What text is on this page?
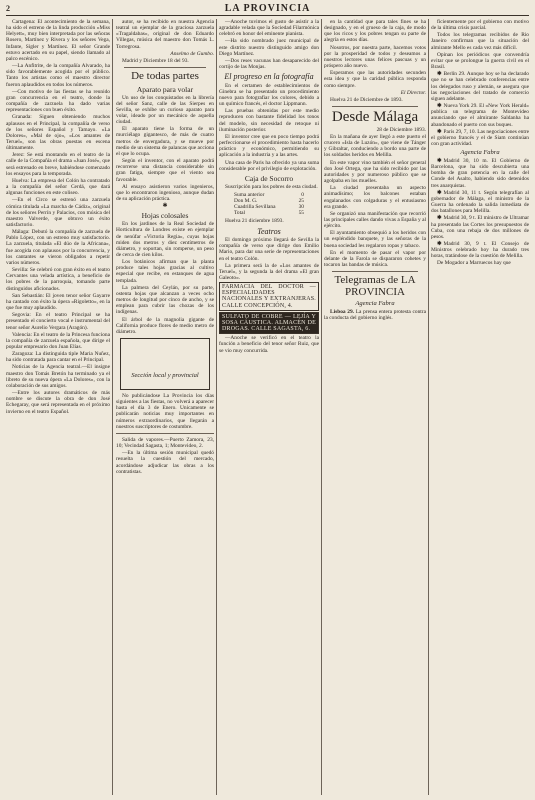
2	LA PROVINCIA

Cartagena: El acontecimiento de la semana, ha sido el estreno de la linda producción «Miss Helyett», muy bien interpretada por las señoras Rosero, Martínez y Rivera y los señores Vega, Infante, Sigler y Martínez. El señor Grande estuvo acertado en su papel, siendo llamado al palco escénico.

—La Anfitrite, de la compañía Alvarado, ha sido favorablemente acogida por el público. Tanto los artistas como el maestro director fueron aplaudidos en todos los números.

—Con motivo de las fiestas se ha reunido gran concurrencia en el teatro, donde la compañía de zarzuela ha dado varias representaciones con buen éxito.

Granada: Siguen obteniendo muchos aplausos en el Principal, la compañía de verso de los señores Español y Tamayo. «La Dolores», «Mal de ojo», «Los amantes de Teruel», son las obras puestas en escena últimamente.

Jerez: Se está montando en el teatro de la calle de la Compañía el drama «Juan José», que será estrenado en breve, habiéndose comenzado los ensayos para la temporada.

Huelva: La empresa del Colón ha contratado a la compañía del señor Cerdá, que dará algunas funciones en este coliseo.

—En el Circo se estrenó una zarzuela cómica titulada «La marcha de Cádiz», original de los señores Perrín y Palacios, con música del maestro Valverde, que obtuvo un éxito satisfactorio.

Málaga: Debutó la compañía de zarzuela de Pablo López, con un estreno muy satisfactorio. La zarzuela, titulada «El dúo de la Africana», fue acogida con aplausos por la concurrencia, y los cantantes se vieron obligados a repetir varios números.

Sevilla: Se celebró con gran éxito en el teatro Cervantes una velada artística, a beneficio de los pobres de la parroquia, tomando parte distinguidos aficionados.

San Sebastián: El joven tenor señor Gayarre ha cantado con éxito la ópera «Rigoletto», en la que fue muy aplaudido.

Segovia: En el teatro Principal se ha presentado el concierto vocal e instrumental del tenor señor Aurelio Vergara (Aragón).

Valencia: En el teatro de la Princesa funciona la compañía de zarzuela española, que dirige el popular empresario don Juan Elías.

Zaragoza: La distinguida tiple Maria Nuñez, ha sido contratada para cantar en el Principal.

Noticias de la Agencia teatral.—El insigne maestro don Tomás Bretón ha terminado ya el libreto de su nueva ópera «La Dolores», con la colaboración de sus amigos.

—Entre los autores dramáticos de más nombre se discute la obra de don José Echegaray, que será representada en el próximo invierno en el teatro Español.

autor, se ha recibido en nuestra Agencia teatral un ejemplar de la graciosa zarzuela «Tragaldabas», original de don Eduardo Villegas, música del maestro don Tomás L. Torregrosa.

Anselmo de Gumbo.

Madrid y Diciembre 18 del 93.

De todas partes
Aparato para volar

Un uso de los conquistados en la librería del señor Sanz, calle de las Sierpes en Sevilla, se exhibe un curioso aparato para volar, ideado por un mecánico de aquella ciudad.

El aparato tiene la forma de un murciélago gigantesco, de más de cuatro metros de envergadura, y se mueve por medio de un sistema de palancas que acciona el que lo ocupa.

Según el inventor, con el aparato podrá recorrerse una distancia considerable sin gran fatiga, siempre que el viento sea favorable.

Al ensayo asistieron varios ingenieros, que lo encontraron ingenioso, aunque dudan de su aplicación práctica.

✱
Hojas colosales

En los jardines de la Real Sociedad de Horticultura de Londres existe en ejemplar de nenúfar «Victoria Regia», cuyas hojas miden dos metros y diez centímetros de diámetro, y soportan, sin romperse, un peso de cerca de cien kilos.

Los botánicos afirman que la planta produce tales hojas gracias al cultivo especial que recibe, en estanques de agua templada.

La palmera del Ceylán, por su parte, ostenta hojas que alcanzan a veces ocho metros de longitud por cinco de ancho, y se emplean para cubrir las chozas de los indígenas.

El árbol de la magnolia gigante de California produce flores de medio metro de diámetro.

Sección local y provincial

No publicándose La Provincia los días siguientes a las fiestas, no volverá a aparecer hasta el día 3 de Enero. Unicamente se publicarán noticias muy importantes en números extraordinarios, que llegarán a nuestros suscriptores de costumbre.

Salida de vapores.—Puerto Zamora, 23, 10; Vecindad Sagasta, 1; Montevideo, 2.

—En la última sesión municipal quedó resuelta la cuestión del mercado, acordándose adjudicar las obras a los contratistas.

—Anoche tuvimos el gusto de asistir a la agradable velada que la Sociedad Filarmónica celebró en honor del eminente pianista.

—Ha sido nombrado juez municipal de este distrito nuestro distinguido amigo don Diego Martínez.

—Dos reses vacunas han desaparecido del cortijo de las Monjas.

El progreso en la fotografía

En el certamen de establecimientos de Ginebra se ha presentado un procedimiento nuevo para fotografiar los colores, debido a un químico francés, el doctor Lippmann.

Las pruebas obtenidas por este medio reproducen con bastante fidelidad los tonos del modelo, sin necesidad de retoque ni iluminación posterior.

El inventor cree que en poco tiempo podrá perfeccionarse el procedimiento hasta hacerlo práctico y económico, permitiendo su aplicación a la industria y a las artes.

Una casa de Paris ha ofrecido ya una suma considerable por el privilegio de explotación.

Caja de Socorro

Suscripción para los pobres de esta ciudad.

Suma anterior	0
Don M. G.	25
Cuadrilla Sevillana	30
Total	55

Huelva 21 diciembre 1893.

Teatros

El domingo próximo llegará de Sevilla la compañía de verso que dirige don Emilio Mario, para dar una serie de representaciones en el teatro Colón.

La primera será la de «Los amantes de Teruel», y la segunda la del drama «El gran Galeoto».

FARMACIA DEL DOCTOR — ESPECIALIDADES NACIONALES Y EXTRANJERAS. CALLE CONCEPCIÓN, 4.
SULFATO DE COBRE — LEJÍA Y SOSA CÁUSTICA. ALMACÉN DE DROGAS. CALLE SAGASTA, 6.

—Anoche se verificó en el teatro la función a beneficio del tenor señor Ruiz, que se vio muy concurrida.

en la cantidad que para tales fines se ha designado, y en el grueso de la caja, de modo que los ricos y los pobres tengan su parte de alegría en estos días.

Nosotros, por nuestra parte, hacemos votos por la prosperidad de todos y deseamos a nuestros lectores unas felices pascuas y un próspero año nuevo.

Esperamos que las autoridades secunden esta idea y que la caridad pública responda como siempre.

El Director.

Huelva 21 de Diciembre de 1893.

Desde Málaga
28 de Diciembre 1893.

En la mañana de ayer llegó a este puerto el crucero «Isla de Luzón», que viene de Tánger y Gibraltar, conduciendo a bordo una parte de los soldados heridos en Melilla.

En este vapor vino también el señor general don José Ortega, que ha sido recibido por las autoridades y por numeroso público que se agolpaba en los muelles.

La ciudad presentaba un aspecto animadísimo; los balcones estaban engalanados con colgaduras y el entusiasmo era grande.

Se organizó una manifestación que recorrió las principales calles dando vivas a España y al ejército.

El ayuntamiento obsequió a los heridos con un espléndido banquete, y las señoras de la buena sociedad les regalaron ropas y tabaco.

En el momento de pasar el vapor por delante de la Farola se dispararon cohetes y tocaron las bandas de música.

Telegramas de LA PROVINCIA
Agencia Fabra

Lisboa 29. La prensa entera protesta contra la conducta del gobierno inglés.

ficientemente por el gobierno con motivo de la última crisis parcial.

Todos los telegramas recibidos de Rio Janeiro confirman que la situación del almirante Mello es cada vez más difícil.

Opinan los periódicos que convendría evitar que se prolongue la guerra civil en el Brasil.

✱ Berlín 29. Aunque hoy se ha declarado que no se han celebrado conferencias entre los delegados ruso y alemán, se asegura que las negociaciones del tratado de comercio siguen adelante.

✱ Nueva York 29. El «New York Herald» publica un telegrama de Montevideo anunciando que el almirante Saldanha ha abandonado el puerto con sus buques.

✱ París 29, 7, 10. Las negociaciones entre el gobierno francés y el de Siam continúan con gran actividad.

Agencia Fabra

✱ Madrid 30, 10 m. El Gobierno de Barcelona, que ha sido descubierta una bomba de gran potencia en la calle del Conde del Asalto, habiendo sido detenidos tres anarquistas.

✱ Madrid 30, 11 t. Según telegrafían al gobernador de Málaga, el ministro de la Guerra ha ordenado la salida inmediata de dos batallones para Melilla.

✱ Madrid 30, 9 t. El ministro de Ultramar ha presentado las Cortes los presupuestos de Cuba, con una rebaja de dos millones de pesos.

✱ Madrid 30, 9 t. El Consejo de Ministros celebrado hoy ha durado tres horas, tratándose de la cuestión de Melilla.

De Mogador a Marruecos hay que
